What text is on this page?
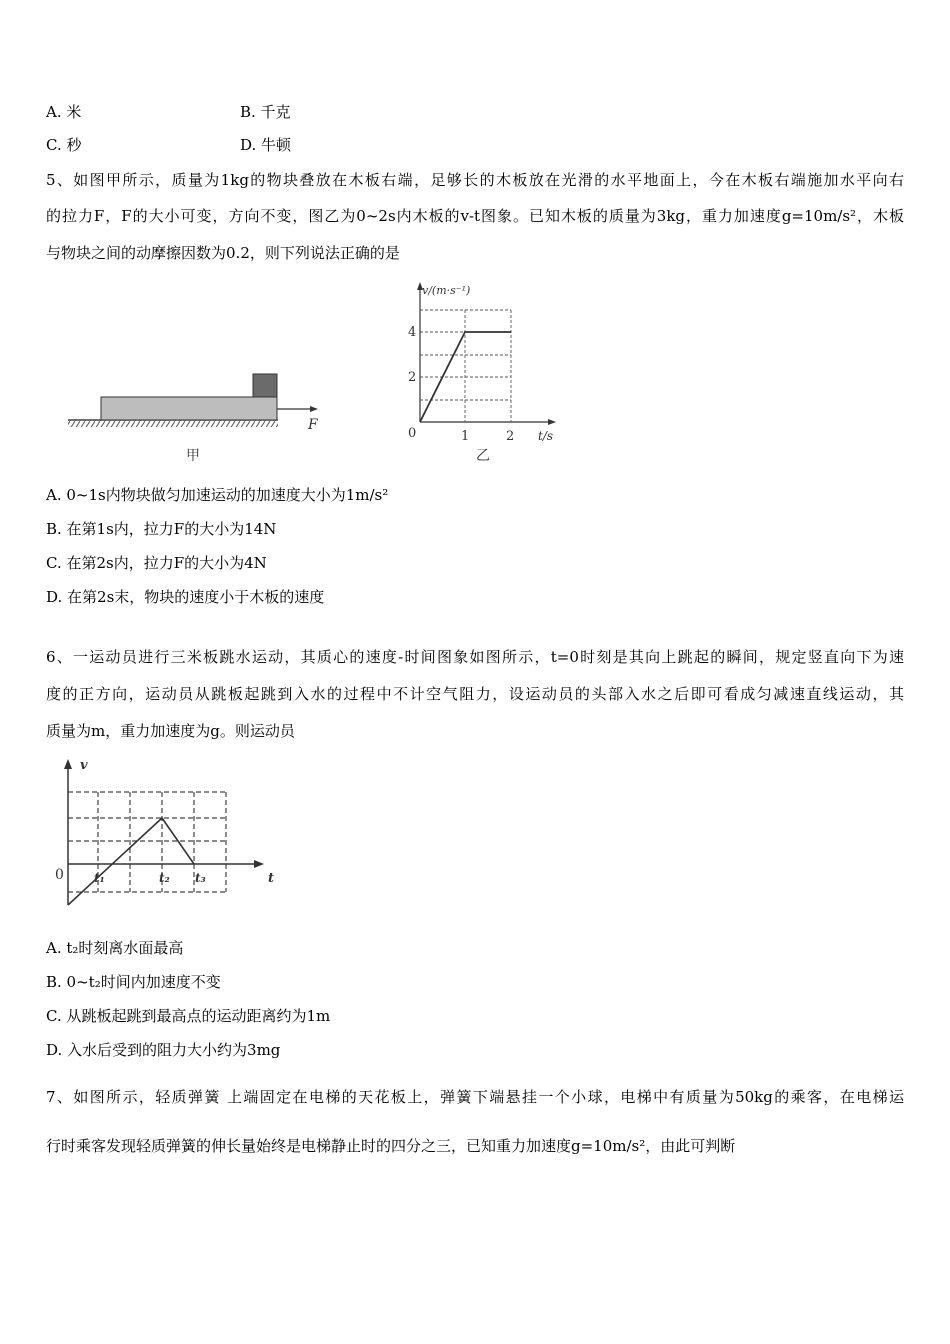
A. 米	B. 千克
C. 秒	D. 牛顿
5、如图甲所示，质量为1kg的物块叠放在木板右端，足够长的木板放在光滑的水平地面上，今在木板右端施加水平向右
的拉力F，F的大小可变，方向不变，图乙为0~2s内木板的v-t图象。已知木板的质量为3kg，重力加速度g=10m/s²，木板
与物块之间的动摩擦因数为0.2，则下列说法正确的是
F
甲
v/(m·s⁻¹)
4
2
0	1	2 t/s
乙
A. 0~1s内物块做匀加速运动的加速度大小为1m/s²
B. 在第1s内，拉力F的大小为14N
C. 在第2s内，拉力F的大小为4N
D. 在第2s末，物块的速度小于木板的速度
6、一运动员进行三米板跳水运动，其质心的速度-时间图象如图所示，t=0时刻是其向上跳起的瞬间，规定竖直向下为速
度的正方向，运动员从跳板起跳到入水的过程中不计空气阻力，设运动员的头部入水之后即可看成匀减速直线运动，其
质量为m，重力加速度为g。则运动员
v
0	t₁	t₂ t₃	t
A. t₂时刻离水面最高
B. 0~t₂时间内加速度不变
C. 从跳板起跳到最高点的运动距离约为1m
D. 入水后受到的阻力大小约为3mg
7、如图所示，轻质弹簧 上端固定在电梯的天花板上，弹簧下端悬挂一个小球，电梯中有质量为50kg的乘客，在电梯运
行时乘客发现轻质弹簧的伸长量始终是电梯静止时的四分之三，已知重力加速度g=10m/s²，由此可判断
